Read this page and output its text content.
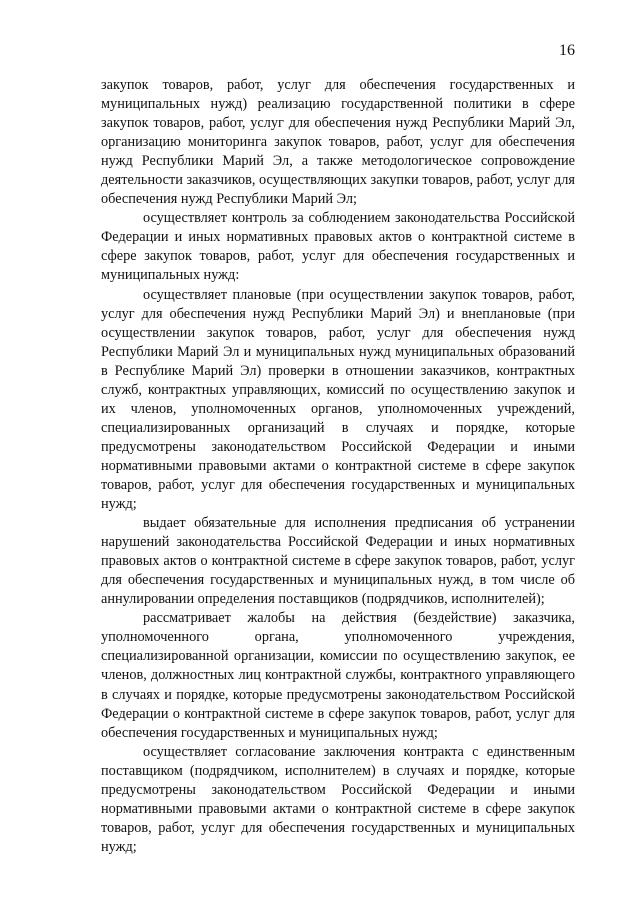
16

закупок товаров, работ, услуг для обеспечения государственных и муниципальных нужд) реализацию государственной политики в сфере закупок товаров, работ, услуг для обеспечения нужд Республики Марий Эл, организацию мониторинга закупок товаров, работ, услуг для обеспечения нужд Республики Марий Эл, а также методологическое сопровождение деятельности заказчиков, осуществляющих закупки товаров, работ, услуг для обеспечения нужд Республики Марий Эл;

осуществляет контроль за соблюдением законодательства Российской Федерации и иных нормативных правовых актов о контрактной системе в сфере закупок товаров, работ, услуг для обеспечения государственных и муниципальных нужд:

осуществляет плановые (при осуществлении закупок товаров, работ, услуг для обеспечения нужд Республики Марий Эл) и внеплановые (при осуществлении закупок товаров, работ, услуг для обеспечения нужд Республики Марий Эл и муниципальных нужд муниципальных образований в Республике Марий Эл) проверки в отношении заказчиков, контрактных служб, контрактных управляющих, комиссий по осуществлению закупок и их членов, уполномоченных органов, уполномоченных учреждений, специализированных организаций в случаях и порядке, которые предусмотрены законодательством Российской Федерации и иными нормативными правовыми актами о контрактной системе в сфере закупок товаров, работ, услуг для обеспечения государственных и муниципальных нужд;

выдает обязательные для исполнения предписания об устранении нарушений законодательства Российской Федерации и иных нормативных правовых актов о контрактной системе в сфере закупок товаров, работ, услуг для обеспечения государственных и муниципальных нужд, в том числе об аннулировании определения поставщиков (подрядчиков, исполнителей);

рассматривает жалобы на действия (бездействие) заказчика, уполномоченного органа, уполномоченного учреждения, специализированной организации, комиссии по осуществлению закупок, ее членов, должностных лиц контрактной службы, контрактного управляющего в случаях и порядке, которые предусмотрены законодательством Российской Федерации о контрактной системе в сфере закупок товаров, работ, услуг для обеспечения государственных и муниципальных нужд;

осуществляет согласование заключения контракта с единственным поставщиком (подрядчиком, исполнителем) в случаях и порядке, которые предусмотрены законодательством Российской Федерации и иными нормативными правовыми актами о контрактной системе в сфере закупок товаров, работ, услуг для обеспечения государственных и муниципальных нужд;
